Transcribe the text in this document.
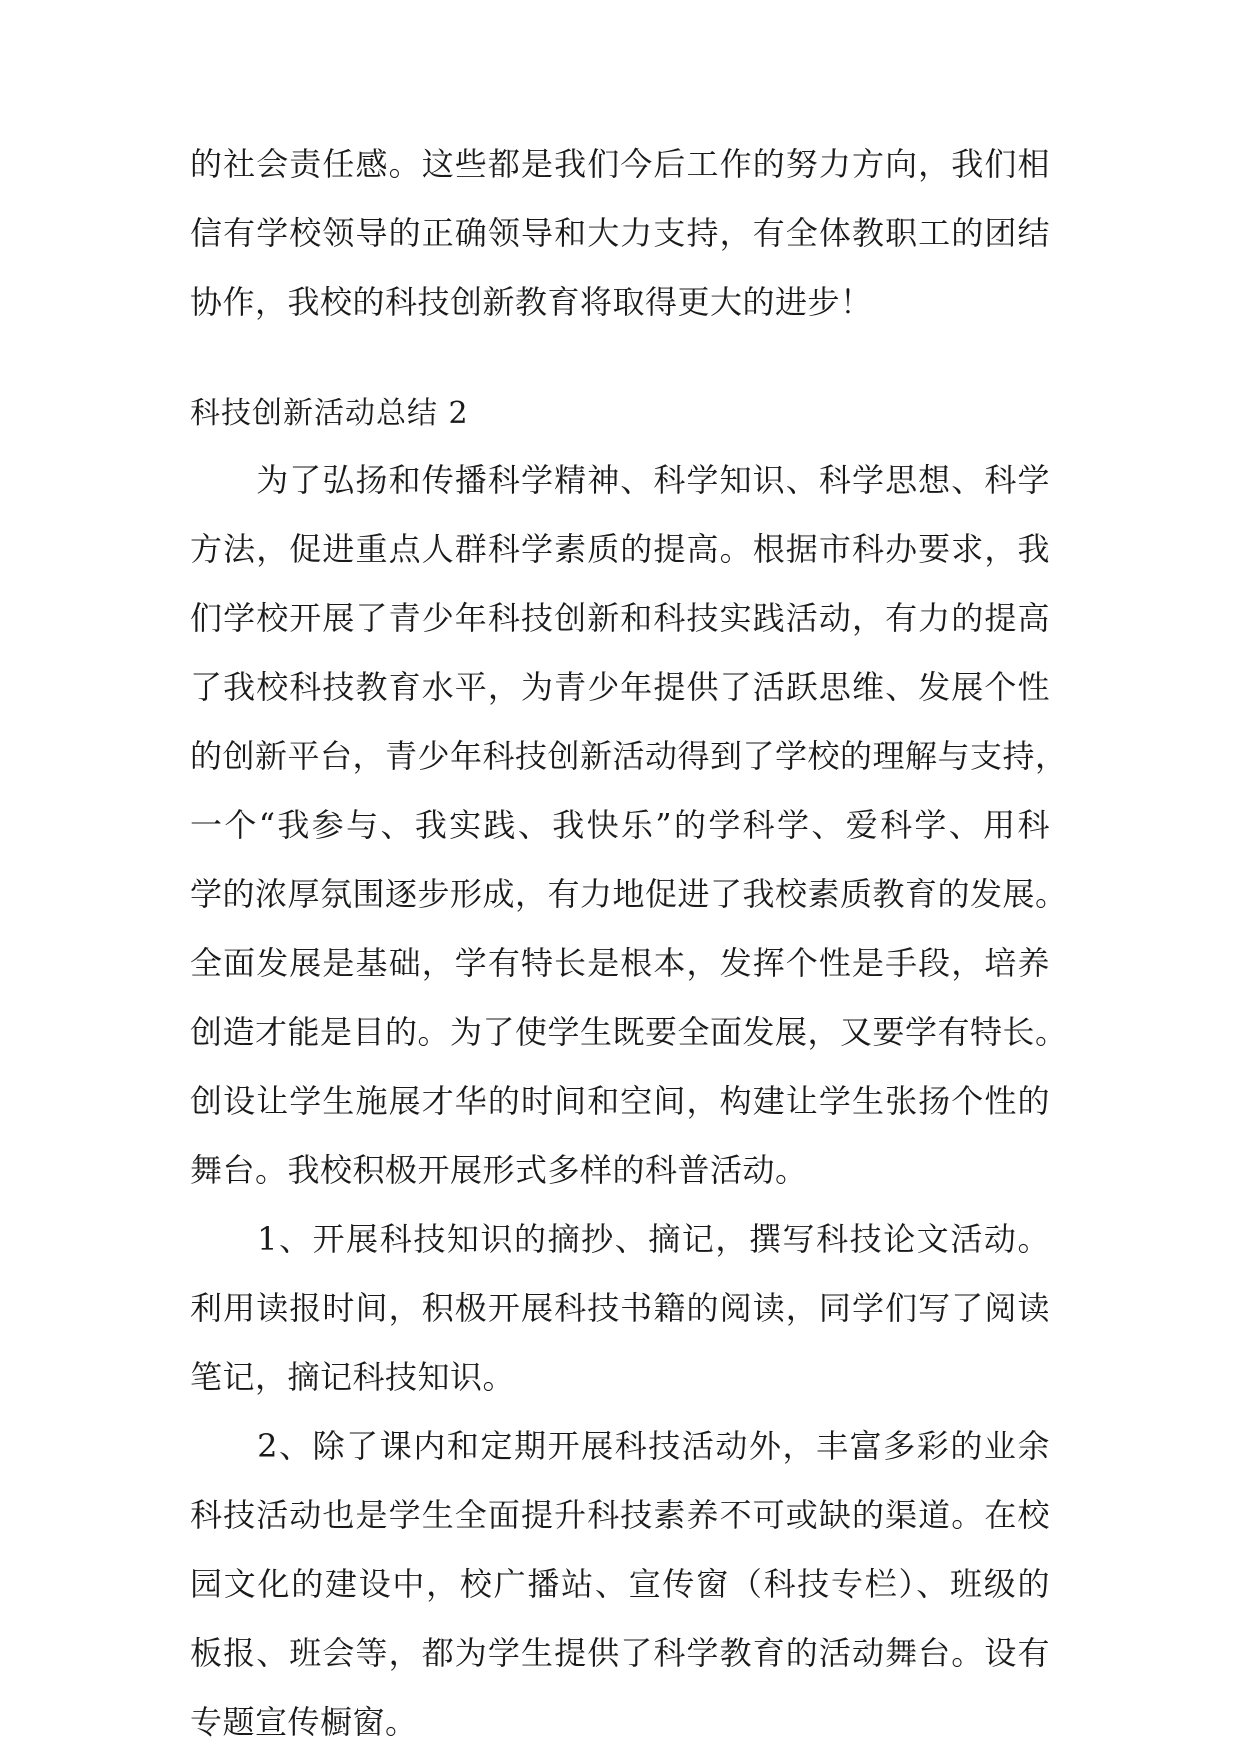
的社会责任感。这些都是我们今后工作的努力方向，我们相
信有学校领导的正确领导和大力支持，有全体教职工的团结
协作，我校的科技创新教育将取得更大的进步！
科技创新活动总结 2
　　为了弘扬和传播科学精神、科学知识、科学思想、科学
方法，促进重点人群科学素质的提高。根据市科办要求，我
们学校开展了青少年科技创新和科技实践活动，有力的提高
了我校科技教育水平，为青少年提供了活跃思维、发展个性
的创新平台，青少年科技创新活动得到了学校的理解与支持，
一个“我参与、我实践、我快乐”的学科学、爱科学、用科
学的浓厚氛围逐步形成，有力地促进了我校素质教育的发展。
全面发展是基础，学有特长是根本，发挥个性是手段，培养
创造才能是目的。为了使学生既要全面发展，又要学有特长。
创设让学生施展才华的时间和空间，构建让学生张扬个性的
舞台。我校积极开展形式多样的科普活动。
　　1、开展科技知识的摘抄、摘记，撰写科技论文活动。
利用读报时间，积极开展科技书籍的阅读，同学们写了阅读
笔记，摘记科技知识。
　　2、除了课内和定期开展科技活动外，丰富多彩的业余
科技活动也是学生全面提升科技素养不可或缺的渠道。在校
园文化的建设中，校广播站、宣传窗（科技专栏）、班级的
板报、班会等，都为学生提供了科学教育的活动舞台。设有
专题宣传橱窗。
